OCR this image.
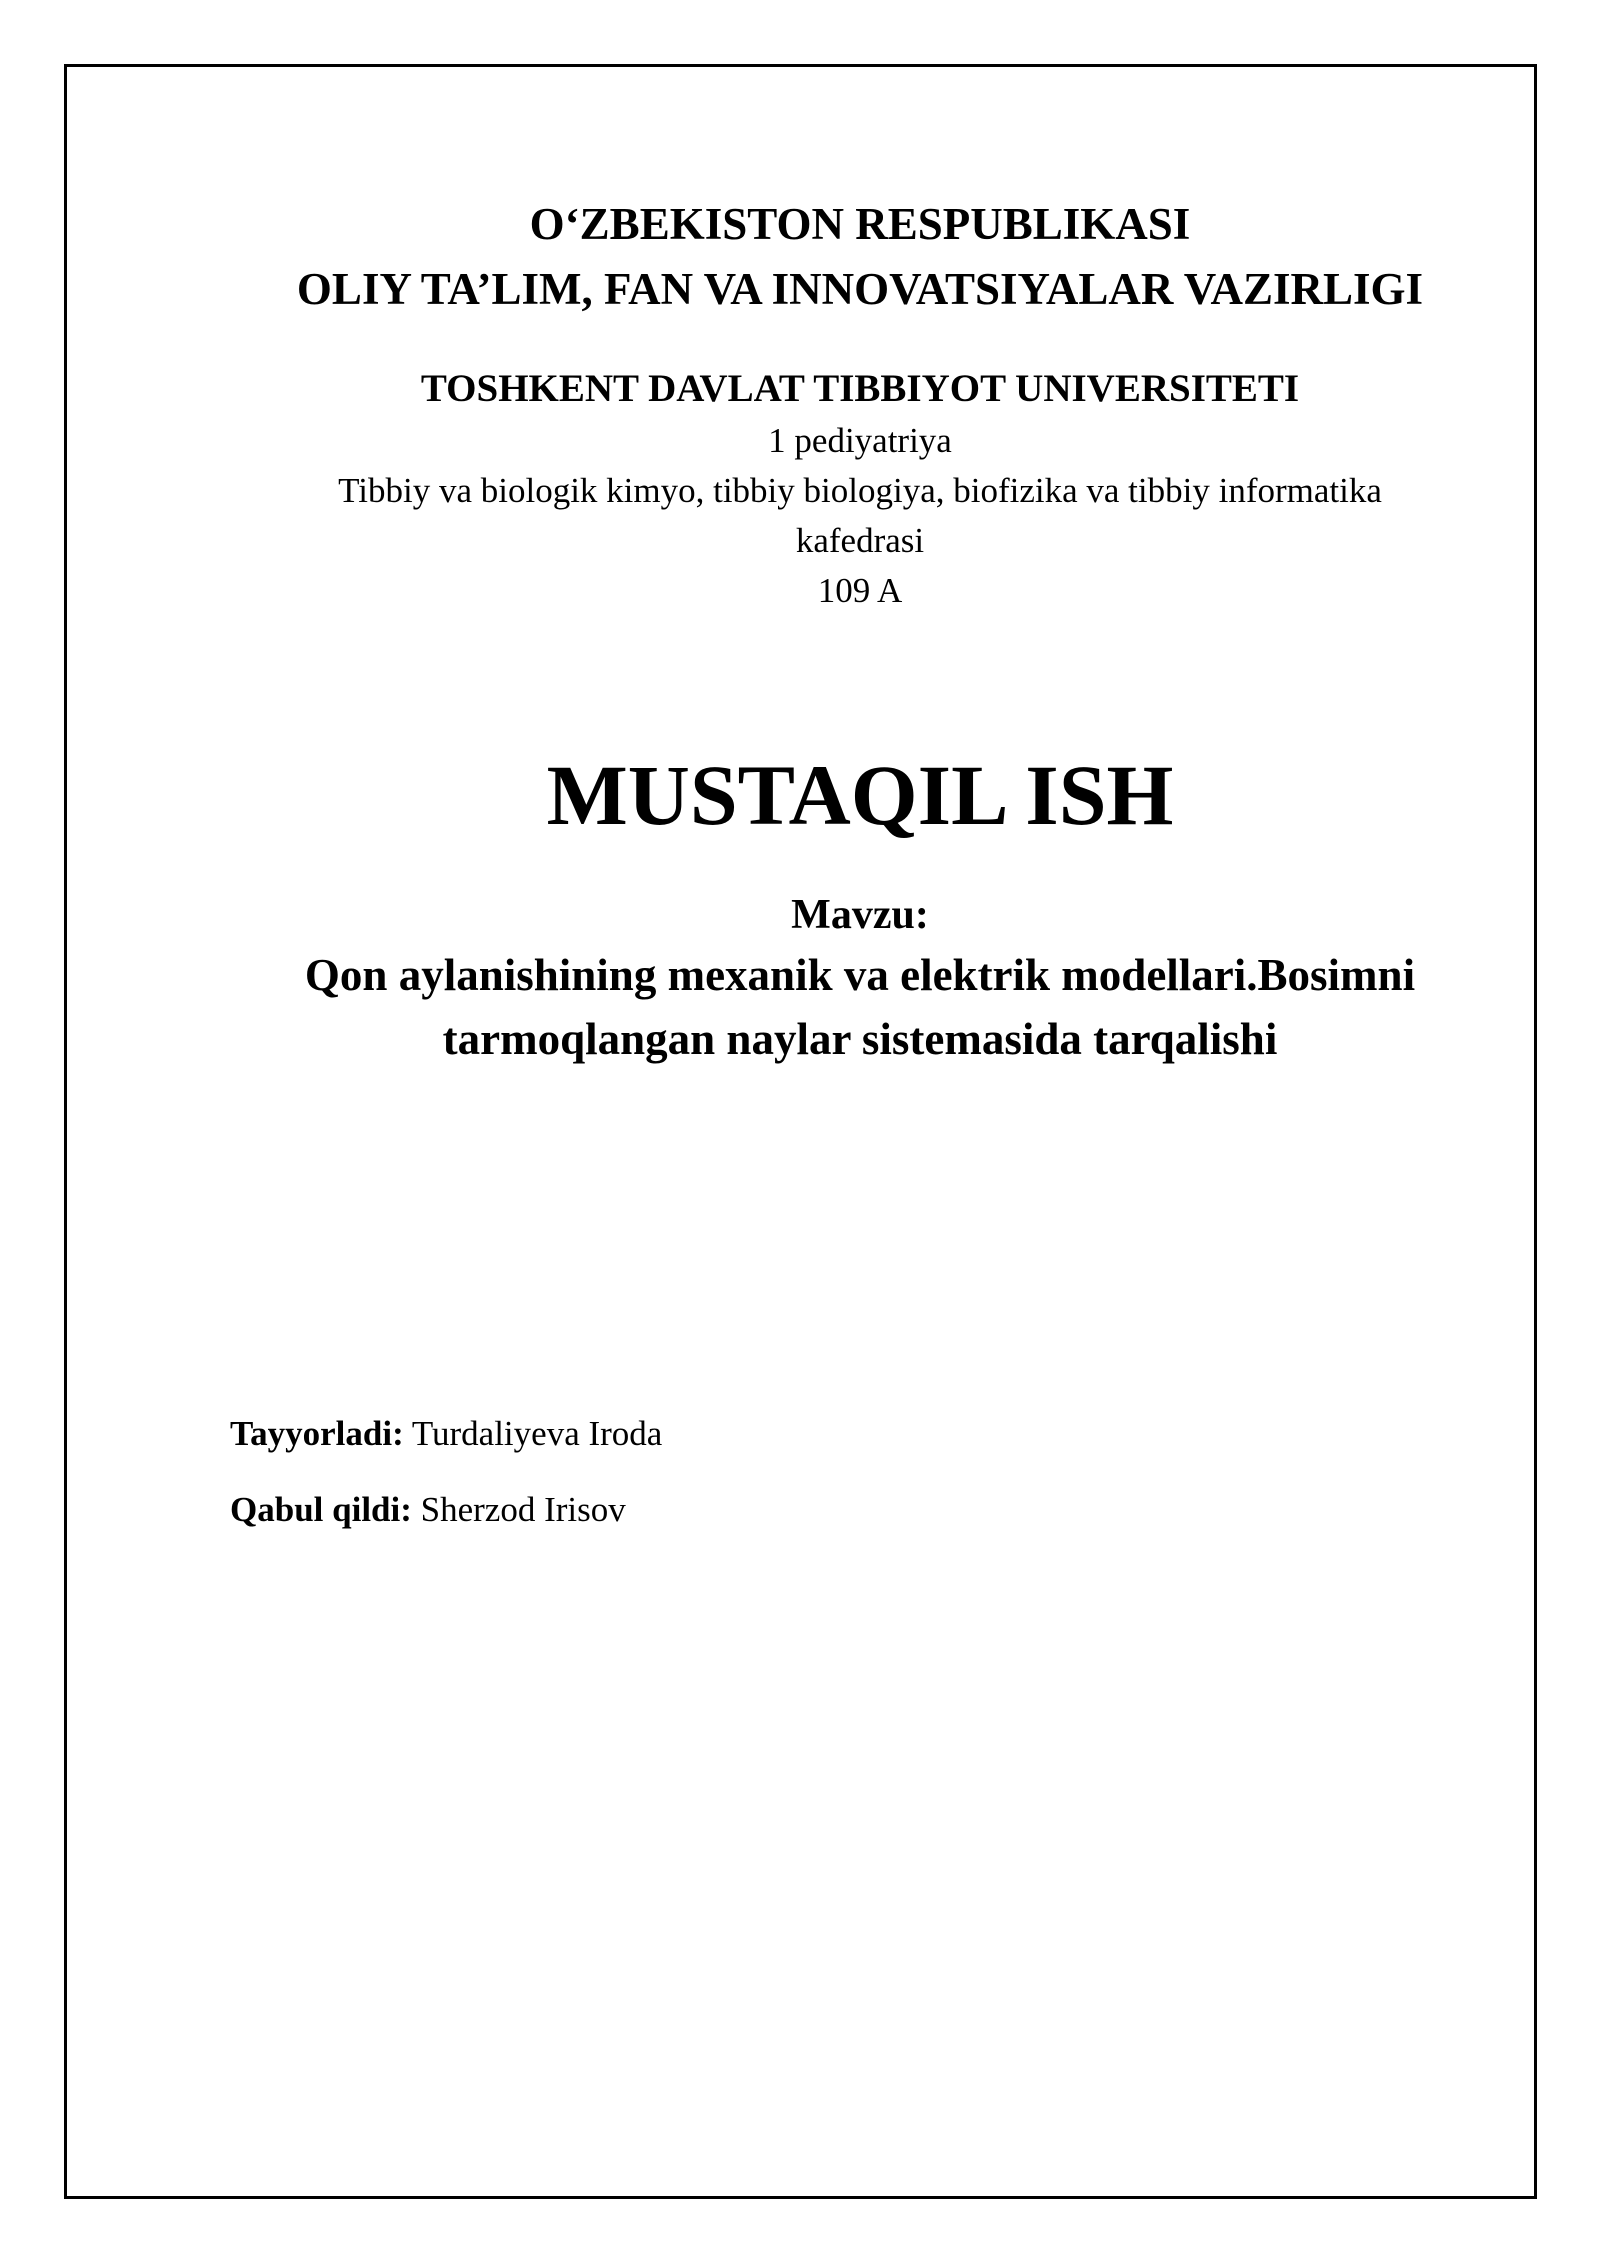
O‘ZBEKISTON RESPUBLIKASI
OLIY TA’LIM, FAN VA INNOVATSIYALAR VAZIRLIGI
TOSHKENT DAVLAT TIBBIYOT UNIVERSITETI
1 pediyatriya
Tibbiy va biologik kimyo, tibbiy biologiya, biofizika va tibbiy informatika
kafedrasi
109 A
MUSTAQIL ISH
Mavzu:
Qon aylanishining mexanik va elektrik modellari.Bosimni
tarmoqlangan naylar sistemasida tarqalishi
Tayyorladi: Turdaliyeva Iroda
Qabul qildi: Sherzod Irisov
